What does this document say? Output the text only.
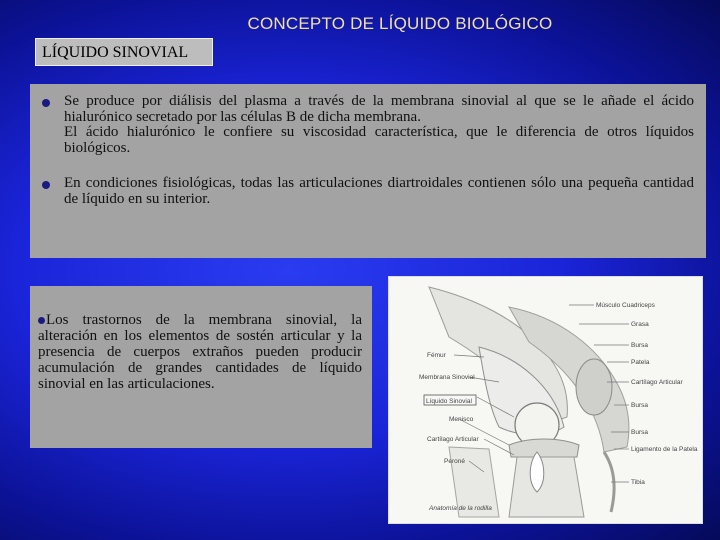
CONCEPTO DE LÍQUIDO BIOLÓGICO
LÍQUIDO SINOVIAL
Se produce por diálisis del plasma a través de la membrana sinovial al que se le añade el ácido hialurónico secretado por las células B de dicha membrana.
El ácido hialurónico le confiere su viscosidad característica, que le diferencia de otros líquidos biológicos.
En condiciones fisiológicas, todas las articulaciones diartroidales contienen sólo una pequeña cantidad de líquido en su interior.
Los trastornos de la membrana sinovial, la alteración en los elementos de sostén articular y la presencia de cuerpos extraños pueden producir acumulación de grandes cantidades de líquido sinovial en las articulaciones.
Músculo Cuadriceps
Grasa
Bursa
Patela
Cartílago Articular
Bursa
Bursa
Ligamento de la Patela
Tibia
Fémur
Membrana Sinovial
Líquido Sinovial
Menisco
Cartílago Articular
Peroné
Anatomía de la rodilla
